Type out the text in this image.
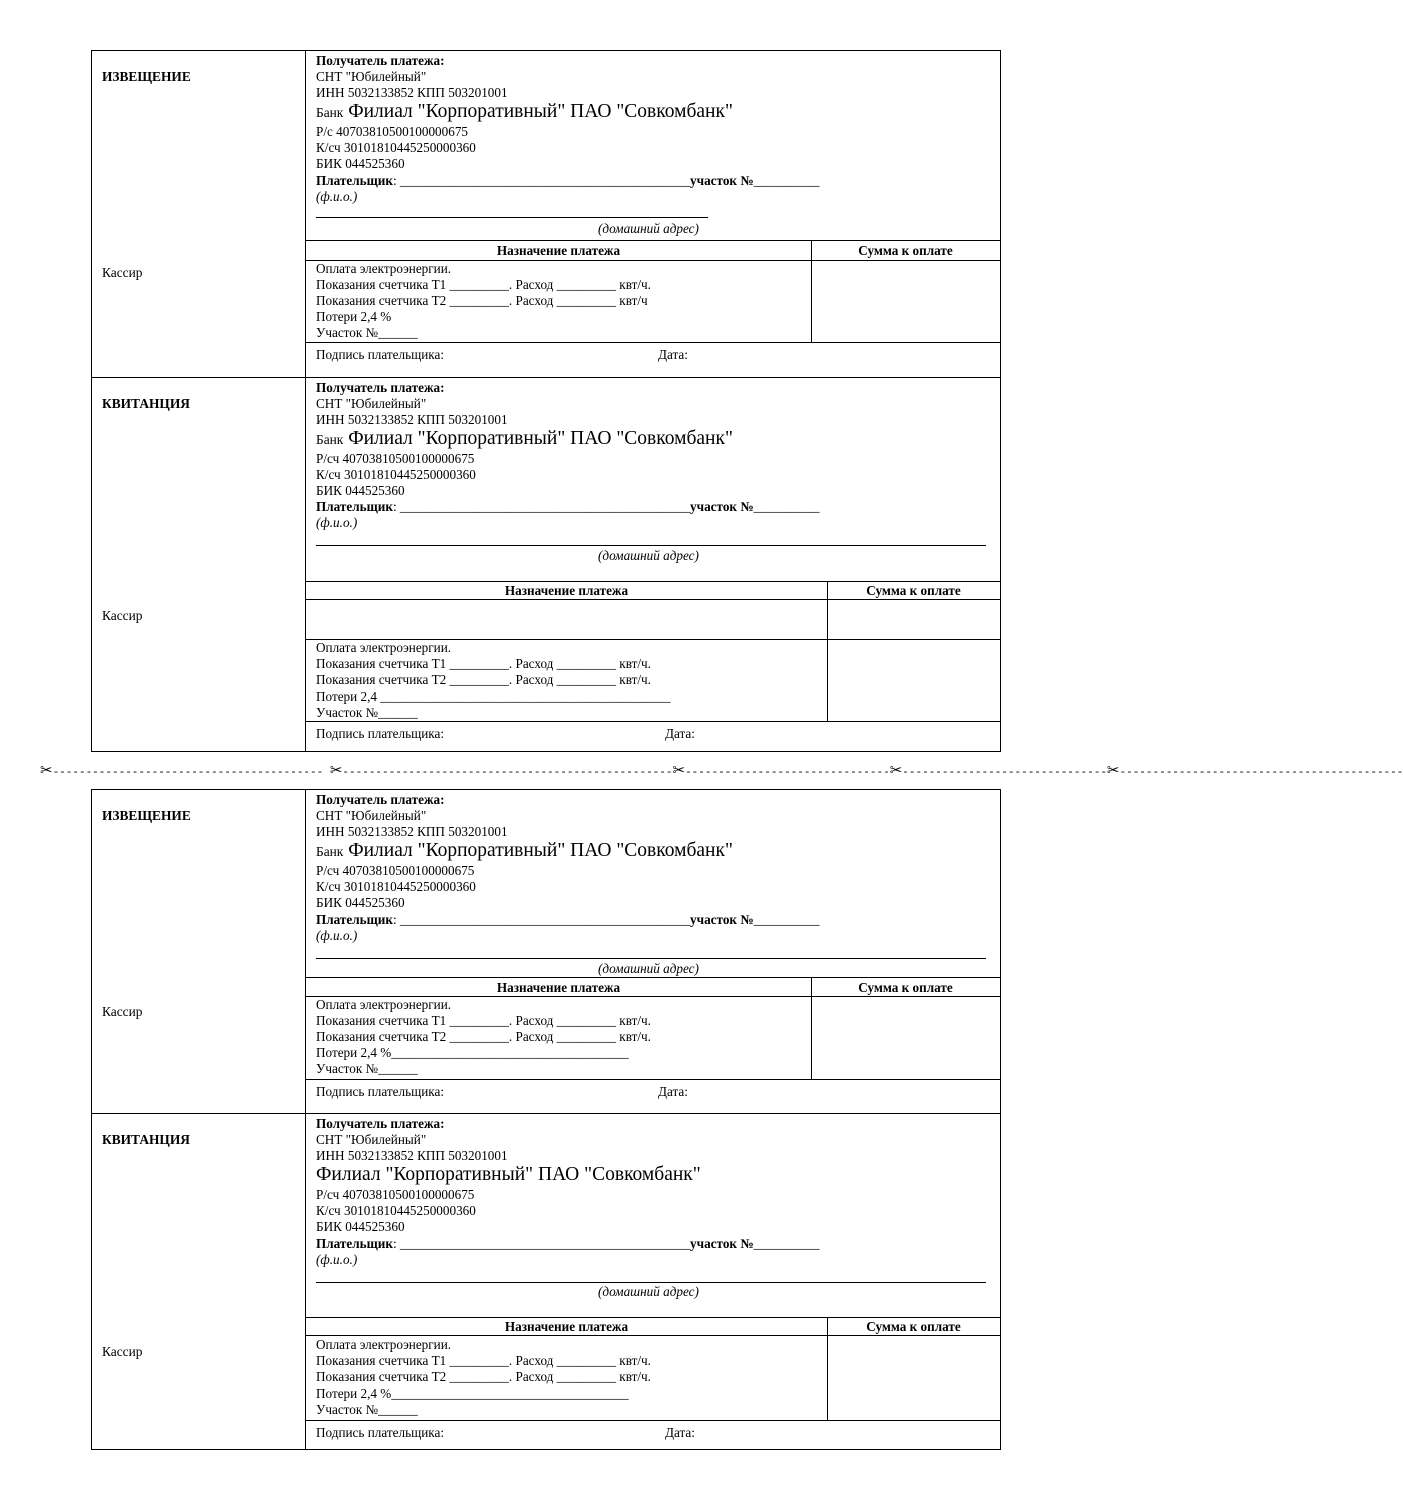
ИЗВЕЩЕНИЕ
Кассир
Получатель платежа:
СНТ "Юбилейный"
ИНН 5032133852 КПП 503201001
Банк Филиал "Корпоративный" ПАО "Совкомбанк"
Р/с 40703810500100000675
К/сч 30101810445250000360
БИК 044525360
Плательщик: ____________________________________________участок №__________
(ф.и.о.)
(домашний адрес)
Назначение платежа	Сумма к оплате
Оплата электроэнергии.
Показания счетчика Т1 _________. Расход _________ квт/ч.
Показания счетчика Т2 _________. Расход _________ квт/ч
Потери 2,4 %
Участок №______
Подпись плательщика:	Дата:
КВИТАНЦИЯ
Кассир
Получатель платежа:
СНТ "Юбилейный"
ИНН 5032133852 КПП 503201001
Банк Филиал "Корпоративный" ПАО "Совкомбанк"
Р/сч 40703810500100000675
К/сч 30101810445250000360
БИК 044525360
Плательщик: ____________________________________________участок №__________
(ф.и.о.)
(домашний адрес)
Назначение платежа	Сумма к оплате
Оплата электроэнергии.
Показания счетчика Т1 _________. Расход _________ квт/ч.
Показания счетчика Т2 _________. Расход _________ квт/ч.
Потери 2,4 ____________________________________________
Участок №______
Подпись плательщика:	Дата:
✂----------------------------------------- ✂--------------------------------------------------✂-------------------------------✂-------------------------------✂-------------------------------------------
ИЗВЕЩЕНИЕ
Кассир
Получатель платежа:
СНТ "Юбилейный"
ИНН 5032133852 КПП 503201001
Банк Филиал "Корпоративный" ПАО "Совкомбанк"
Р/сч 40703810500100000675
К/сч 30101810445250000360
БИК 044525360
Плательщик: ____________________________________________участок №__________
(ф.и.о.)
(домашний адрес)
Назначение платежа	Сумма к оплате
Оплата электроэнергии.
Показания счетчика Т1 _________. Расход _________ квт/ч.
Показания счетчика Т2 _________. Расход _________ квт/ч.
Потери 2,4 %____________________________________
Участок №______
Подпись плательщика:	Дата:
КВИТАНЦИЯ
Кассир
Получатель платежа:
СНТ "Юбилейный"
ИНН 5032133852 КПП 503201001
Филиал "Корпоративный" ПАО "Совкомбанк"
Р/сч 40703810500100000675
К/сч 30101810445250000360
БИК 044525360
Плательщик: ____________________________________________участок №__________
(ф.и.о.)
(домашний адрес)
Назначение платежа	Сумма к оплате
Оплата электроэнергии.
Показания счетчика Т1 _________. Расход _________ квт/ч.
Показания счетчика Т2 _________. Расход _________ квт/ч.
Потери 2,4 %____________________________________
Участок №______
Подпись плательщика:	Дата:
